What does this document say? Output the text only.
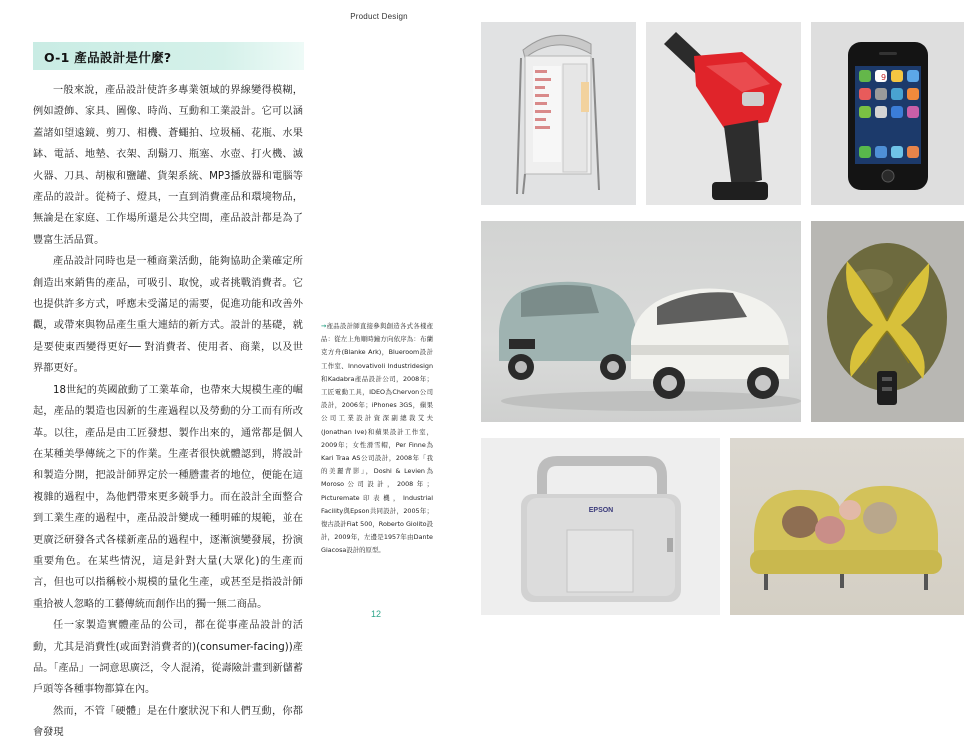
Product Design
O-1 產品設計是什麼?

一般來說，產品設計使許多專業領域的界線變得模糊，例如證飾、家具、圖像、時尚、互動和工業設計。它可以涵蓋諸如望遠鏡、剪刀、相機、蒼蠅拍、垃圾桶、花瓶、水果缽、電話、地墊、衣架、刮鬍刀、瓶塞、水壺、打火機、滅火器、刀具、胡椒和鹽罐、貨架系統、MP3播放器和電腦等產品的設計。從椅子、燈具，一直到消費產品和環境物品，無論是在家庭、工作場所還是公共空間，產品設計都是為了豐富生活品質。

產品設計同時也是一種商業活動，能夠協助企業確定所創造出來銷售的產品，可吸引、取悅，或者挑戰消費者。它也提供許多方式，呼應未受滿足的需要，促進功能和改善外觀，或帶來與物品產生重大連結的新方式。設計的基礎，就是要使東西變得更好── 對消費者、使用者、商業，以及世界都更好。

18世紀的英國啟動了工業革命，也帶來大規模生產的崛起，產品的製造也因新的生產過程以及勞動的分工而有所改革。以往，產品是由工匠發想、製作出來的，通常都是個人在某種美學傳統之下的作業。生產者很快就體認到，將設計和製造分開，把設計師界定於一種謄畫者的地位，便能在這複雜的過程中，為他們帶來更多競爭力。而在設計全面整合到工業生產的過程中，產品設計變成一種明確的規範，並在更廣泛研發各式各樣新產品的過程中，逐漸演變發展，扮演重要角色。在某些情況，這是針對大量(大眾化)的生產而言，但也可以指稱較小規模的量化生產，或甚至是指設計師重拾被人忽略的工藝傳統而創作出的獨一無二商品。

任一家製造實體產品的公司，都在從事產品設計的活動，尤其是消費性(或面對消費者的)(consumer-facing))產品。「產品」一詞意思廣泛，令人混淆，從壽險計畫到新儲蓄戶頭等各種事物都算在內。

然而，不管「硬體」是在什麼狀況下和人們互動，你都會發現

→產品設計師直接參與創造各式各樣產品：從左上角順時鐘方向依序為：布蘭克方舟(Blanke Ark)，Blueroom設計工作室、Innovativoli Industridesign和Kadabra產品設計公司，2008年；工匠電動工具，IDEO為Chervon公司設計，2006年；iPhones 3GS，蘋果公司工業設計資深副總裁艾夫(Jonathan Ive)和蘋果設計工作室，2009年；女性滑雪帽，Per Finne為Kari Traa AS公司設計，2008年「我的美麗背影」，Doshi & Levien為Moroso公司設計，2008年；Picturemate印表機，Industrial Facility與Epson共同設計，2005年；復古設計Fiat 500，Roberto Giolito設計，2009年，左邊是1957年由Dante Giacosa設計的原型。
12
9
EPSON
